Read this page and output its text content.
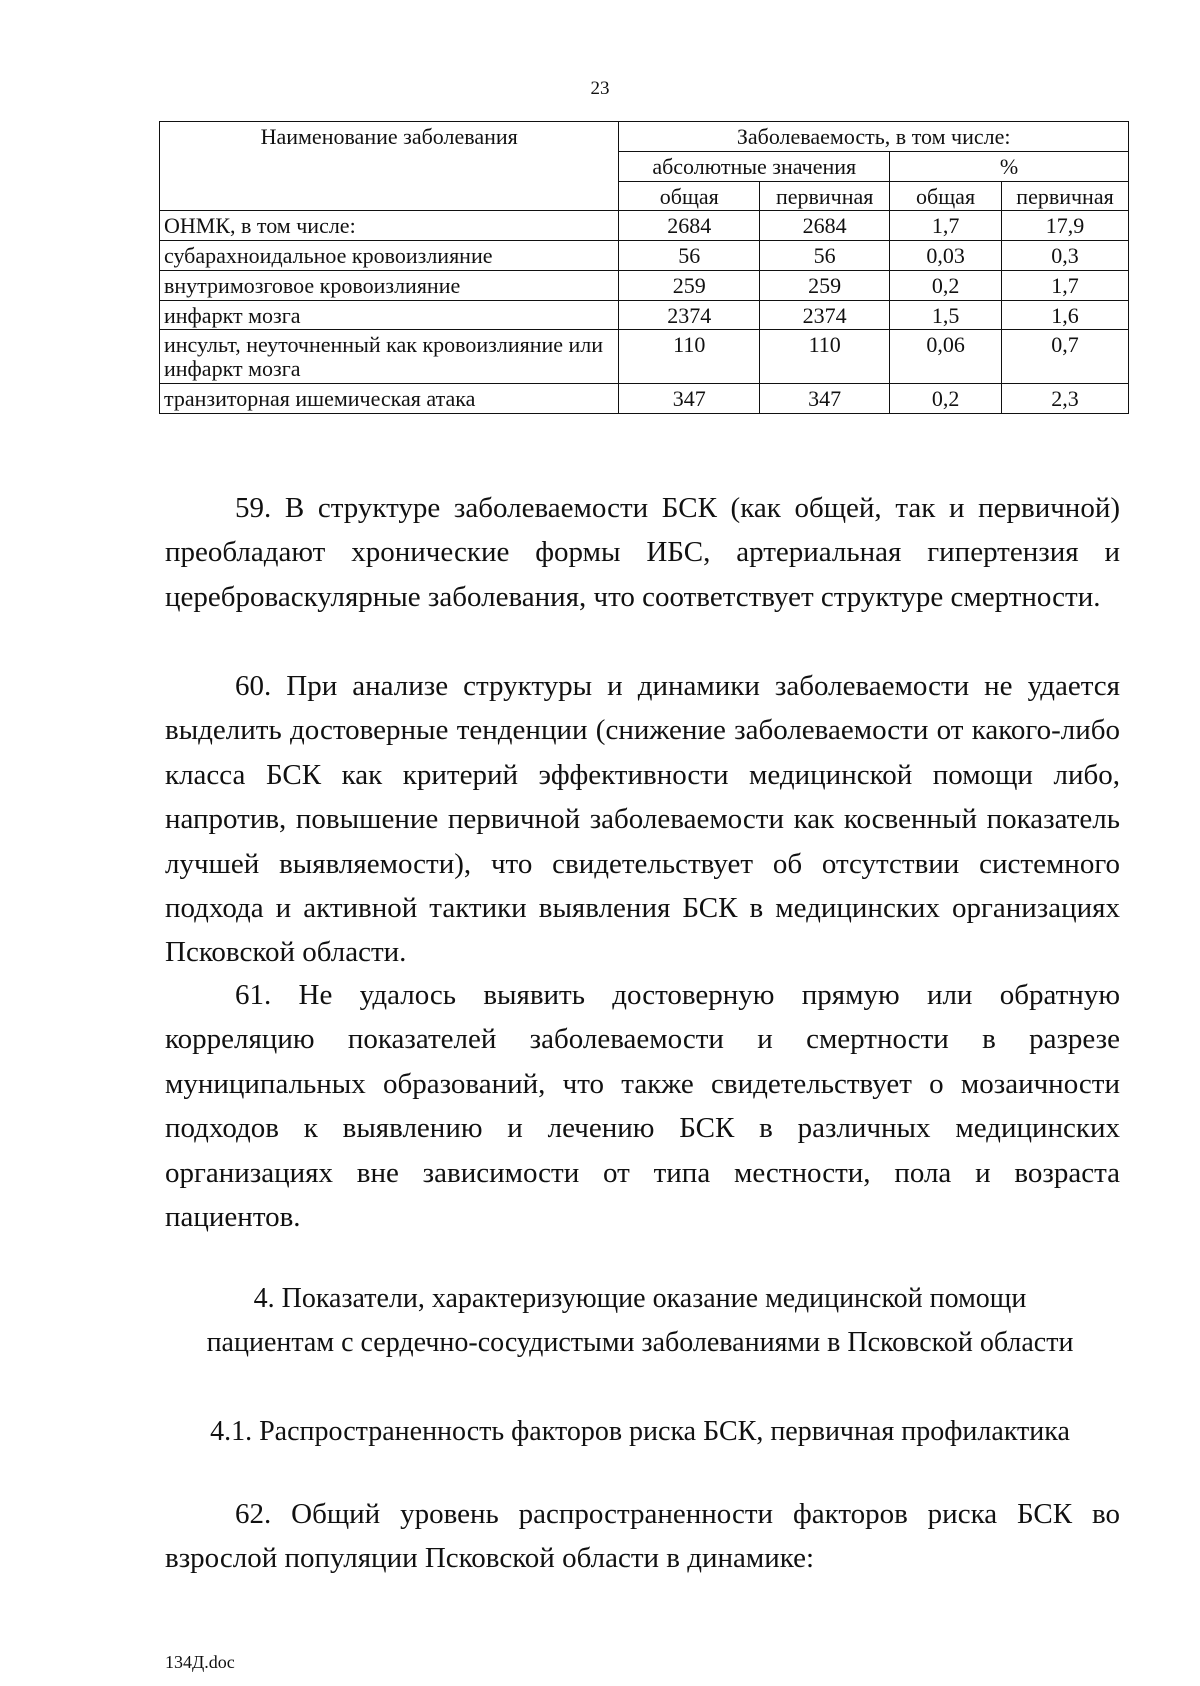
23
Наименование заболевания	Заболеваемость, в том числе:			
	абсолютные значения		%	
	общая	первичная	общая	первичная
ОНМК, в том числе:	2684	2684	1,7	17,9
субарахноидальное кровоизлияние	56	56	0,03	0,3
внутримозговое кровоизлияние	259	259	0,2	1,7
инфаркт мозга	2374	2374	1,5	1,6
инсульт, неуточненный как кровоизлияние или инфаркт мозга	110	110	0,06	0,7
транзиторная ишемическая атака	347	347	0,2	2,3

59. В структуре заболеваемости БСК (как общей, так и первичной) преобладают хронические формы ИБС, артериальная гипертензия и цереброваскулярные заболевания, что соответствует структуре смертности.

60. При анализе структуры и динамики заболеваемости не удается выделить достоверные тенденции (снижение заболеваемости от какого-либо класса БСК как критерий эффективности медицинской помощи либо, напротив, повышение первичной заболеваемости как косвенный показатель лучшей выявляемости), что свидетельствует об отсутствии системного подхода и активной тактики выявления БСК в медицинских организациях Псковской области.

61. Не удалось выявить достоверную прямую или обратную корреляцию показателей заболеваемости и смертности в разрезе муниципальных образований, что также свидетельствует о мозаичности подходов к выявлению и лечению БСК в различных медицинских организациях вне зависимости от типа местности, пола и возраста пациентов.

4. Показатели, характеризующие оказание медицинской помощи
пациентам с сердечно-сосудистыми заболеваниями в Псковской области
4.1. Распространенность факторов риска БСК, первичная профилактика

62. Общий уровень распространенности факторов риска БСК во взрослой популяции Псковской области в динамике:

134Д.doc
